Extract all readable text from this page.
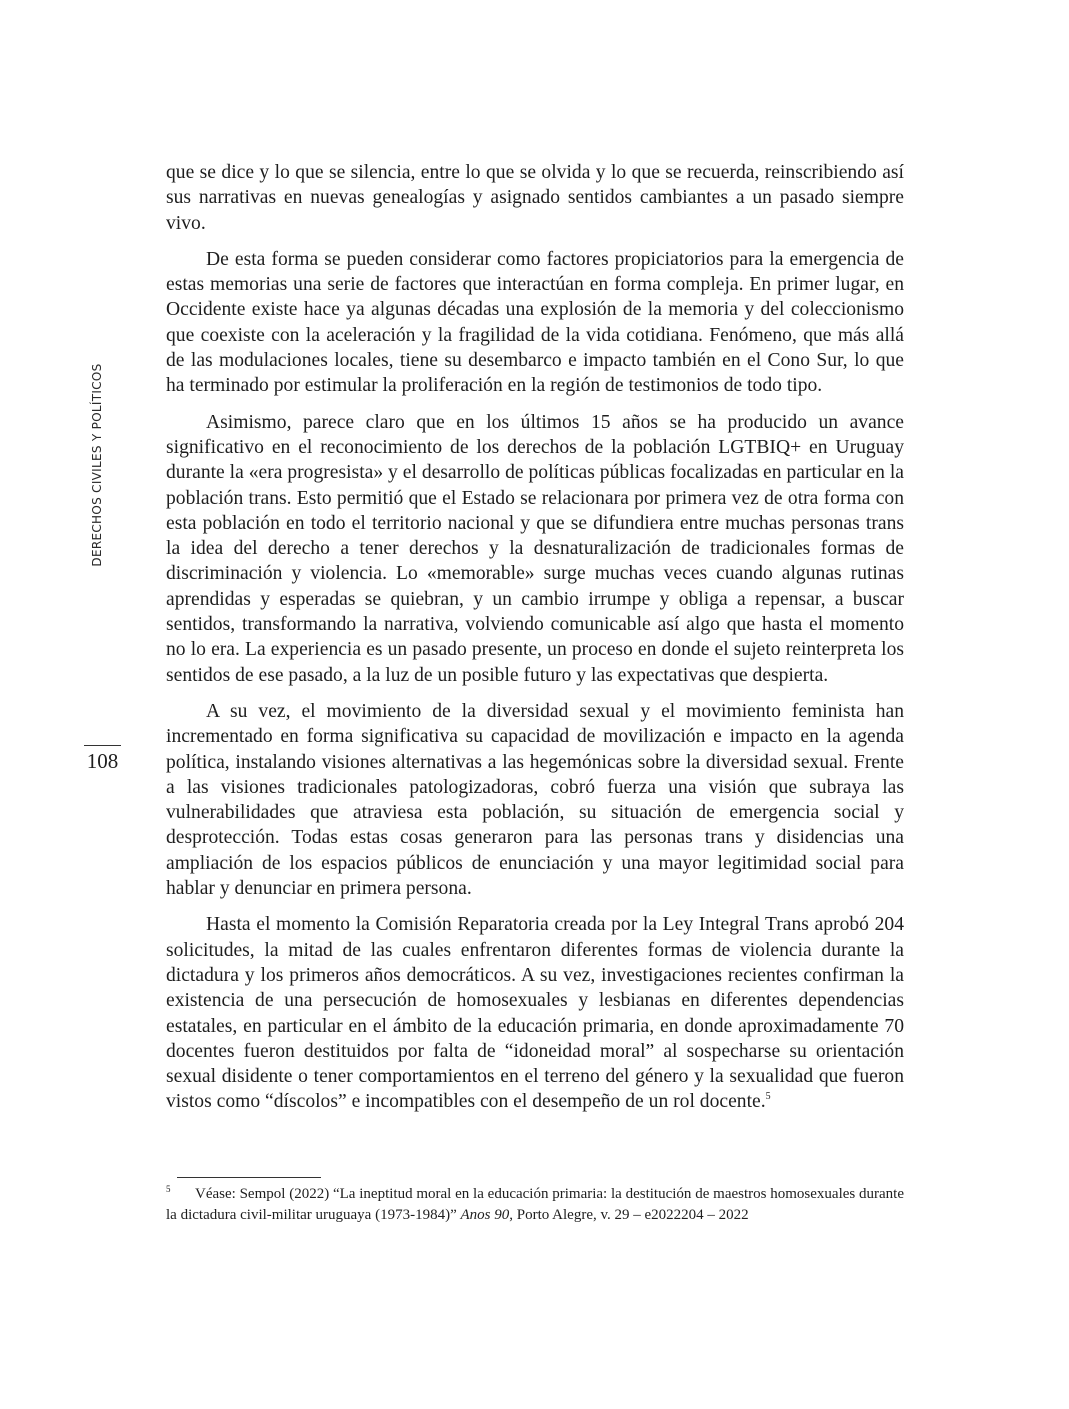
DERECHOS CIVILES Y POLÍTICOS
108

que se dice y lo que se silencia, entre lo que se olvida y lo que se recuerda, reinscribiendo así sus narrativas en nuevas genealogías y asignado sentidos cambiantes a un pasado siempre vivo.

De esta forma se pueden considerar como factores propiciatorios para la emergencia de estas memorias una serie de factores que interactúan en forma compleja. En primer lugar, en Occidente existe hace ya algunas décadas una explosión de la memoria y del coleccionismo que coexiste con la aceleración y la fragilidad de la vida cotidiana. Fenómeno, que más allá de las modulaciones locales, tiene su desembarco e impacto también en el Cono Sur, lo que ha terminado por estimular la proliferación en la región de testimonios de todo tipo.

Asimismo, parece claro que en los últimos 15 años se ha producido un avance significativo en el reconocimiento de los derechos de la población LGTBIQ+ en Uruguay durante la «era progresista» y el desarrollo de políticas públicas focalizadas en particular en la población trans. Esto permitió que el Estado se relacionara por primera vez de otra forma con esta población en todo el territorio nacional y que se difundiera entre muchas personas trans la idea del derecho a tener derechos y la desnaturalización de tradicionales formas de discriminación y violencia. Lo «memorable» surge muchas veces cuando algunas rutinas aprendidas y esperadas se quiebran, y un cambio irrumpe y obliga a repensar, a buscar sentidos, transformando la narrativa, volviendo comunicable así algo que hasta el momento no lo era. La experiencia es un pasado presente, un proceso en donde el sujeto reinterpreta los sentidos de ese pasado, a la luz de un posible futuro y las expectativas que despierta.

A su vez, el movimiento de la diversidad sexual y el movimiento feminista han incrementado en forma significativa su capacidad de movilización e impacto en la agenda política, instalando visiones alternativas a las hegemónicas sobre la diversidad sexual. Frente a las visiones tradicionales patologizadoras, cobró fuerza una visión que subraya las vulnerabilidades que atraviesa esta población, su situación de emergencia social y desprotección. Todas estas cosas generaron para las personas trans y disidencias una ampliación de los espacios públicos de enunciación y una mayor legitimidad social para hablar y denunciar en primera persona.

Hasta el momento la Comisión Reparatoria creada por la Ley Integral Trans aprobó 204 solicitudes, la mitad de las cuales enfrentaron diferentes formas de violencia durante la dictadura y los primeros años democráticos. A su vez, investigaciones recientes confirman la existencia de una persecución de homosexuales y lesbianas en diferentes dependencias estatales, en particular en el ámbito de la educación primaria, en donde aproximadamente 70 docentes fueron destituidos por falta de “idoneidad moral” al sospecharse su orientación sexual disidente o tener comportamientos en el terreno del género y la sexualidad que fueron vistos como “díscolos” e incompatibles con el desempeño de un rol docente.$^5$

5 Véase: Sempol (2022) “La ineptitud moral en la educación primaria: la destitución de maestros homosexuales durante la dictadura civil-militar uruguaya (1973-1984)” Anos 90, Porto Alegre, v. 29 – e2022204 – 2022
